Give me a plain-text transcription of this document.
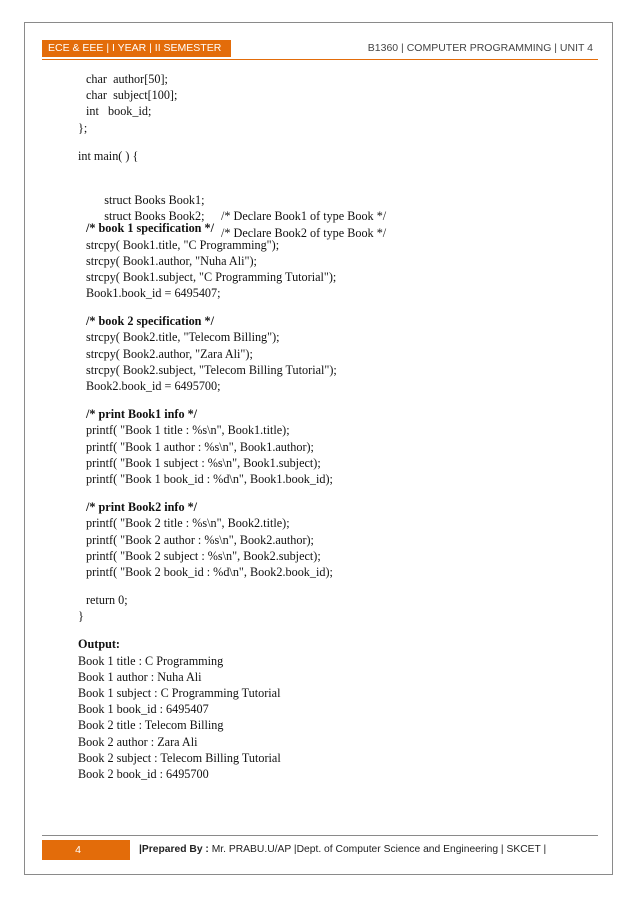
ECE & EEE | I YEAR | II SEMESTER	B1360 | COMPUTER PROGRAMMING | UNIT 4
char  author[50];
char  subject[100];
int   book_id;
};
int main( ) {

struct Books Book1;

/* Declare Book1 of type Book */

struct Books Book2;

/* Declare Book2 of type Book */

/* book 1 specification */
strcpy( Book1.title, "C Programming");
strcpy( Book1.author, "Nuha Ali");
strcpy( Book1.subject, "C Programming Tutorial");
Book1.book_id = 6495407;
/* book 2 specification */
strcpy( Book2.title, "Telecom Billing");
strcpy( Book2.author, "Zara Ali");
strcpy( Book2.subject, "Telecom Billing Tutorial");
Book2.book_id = 6495700;
/* print Book1 info */
printf( "Book 1 title : %s\n", Book1.title);
printf( "Book 1 author : %s\n", Book1.author);
printf( "Book 1 subject : %s\n", Book1.subject);
printf( "Book 1 book_id : %d\n", Book1.book_id);
/* print Book2 info */
printf( "Book 2 title : %s\n", Book2.title);
printf( "Book 2 author : %s\n", Book2.author);
printf( "Book 2 subject : %s\n", Book2.subject);
printf( "Book 2 book_id : %d\n", Book2.book_id);
return 0;
}
Output:
Book 1 title : C Programming
Book 1 author : Nuha Ali
Book 1 subject : C Programming Tutorial
Book 1 book_id : 6495407
Book 2 title : Telecom Billing
Book 2 author : Zara Ali
Book 2 subject : Telecom Billing Tutorial
Book 2 book_id : 6495700
4	|Prepared By : Mr. PRABU.U/AP |Dept. of Computer Science and Engineering | SKCET |
